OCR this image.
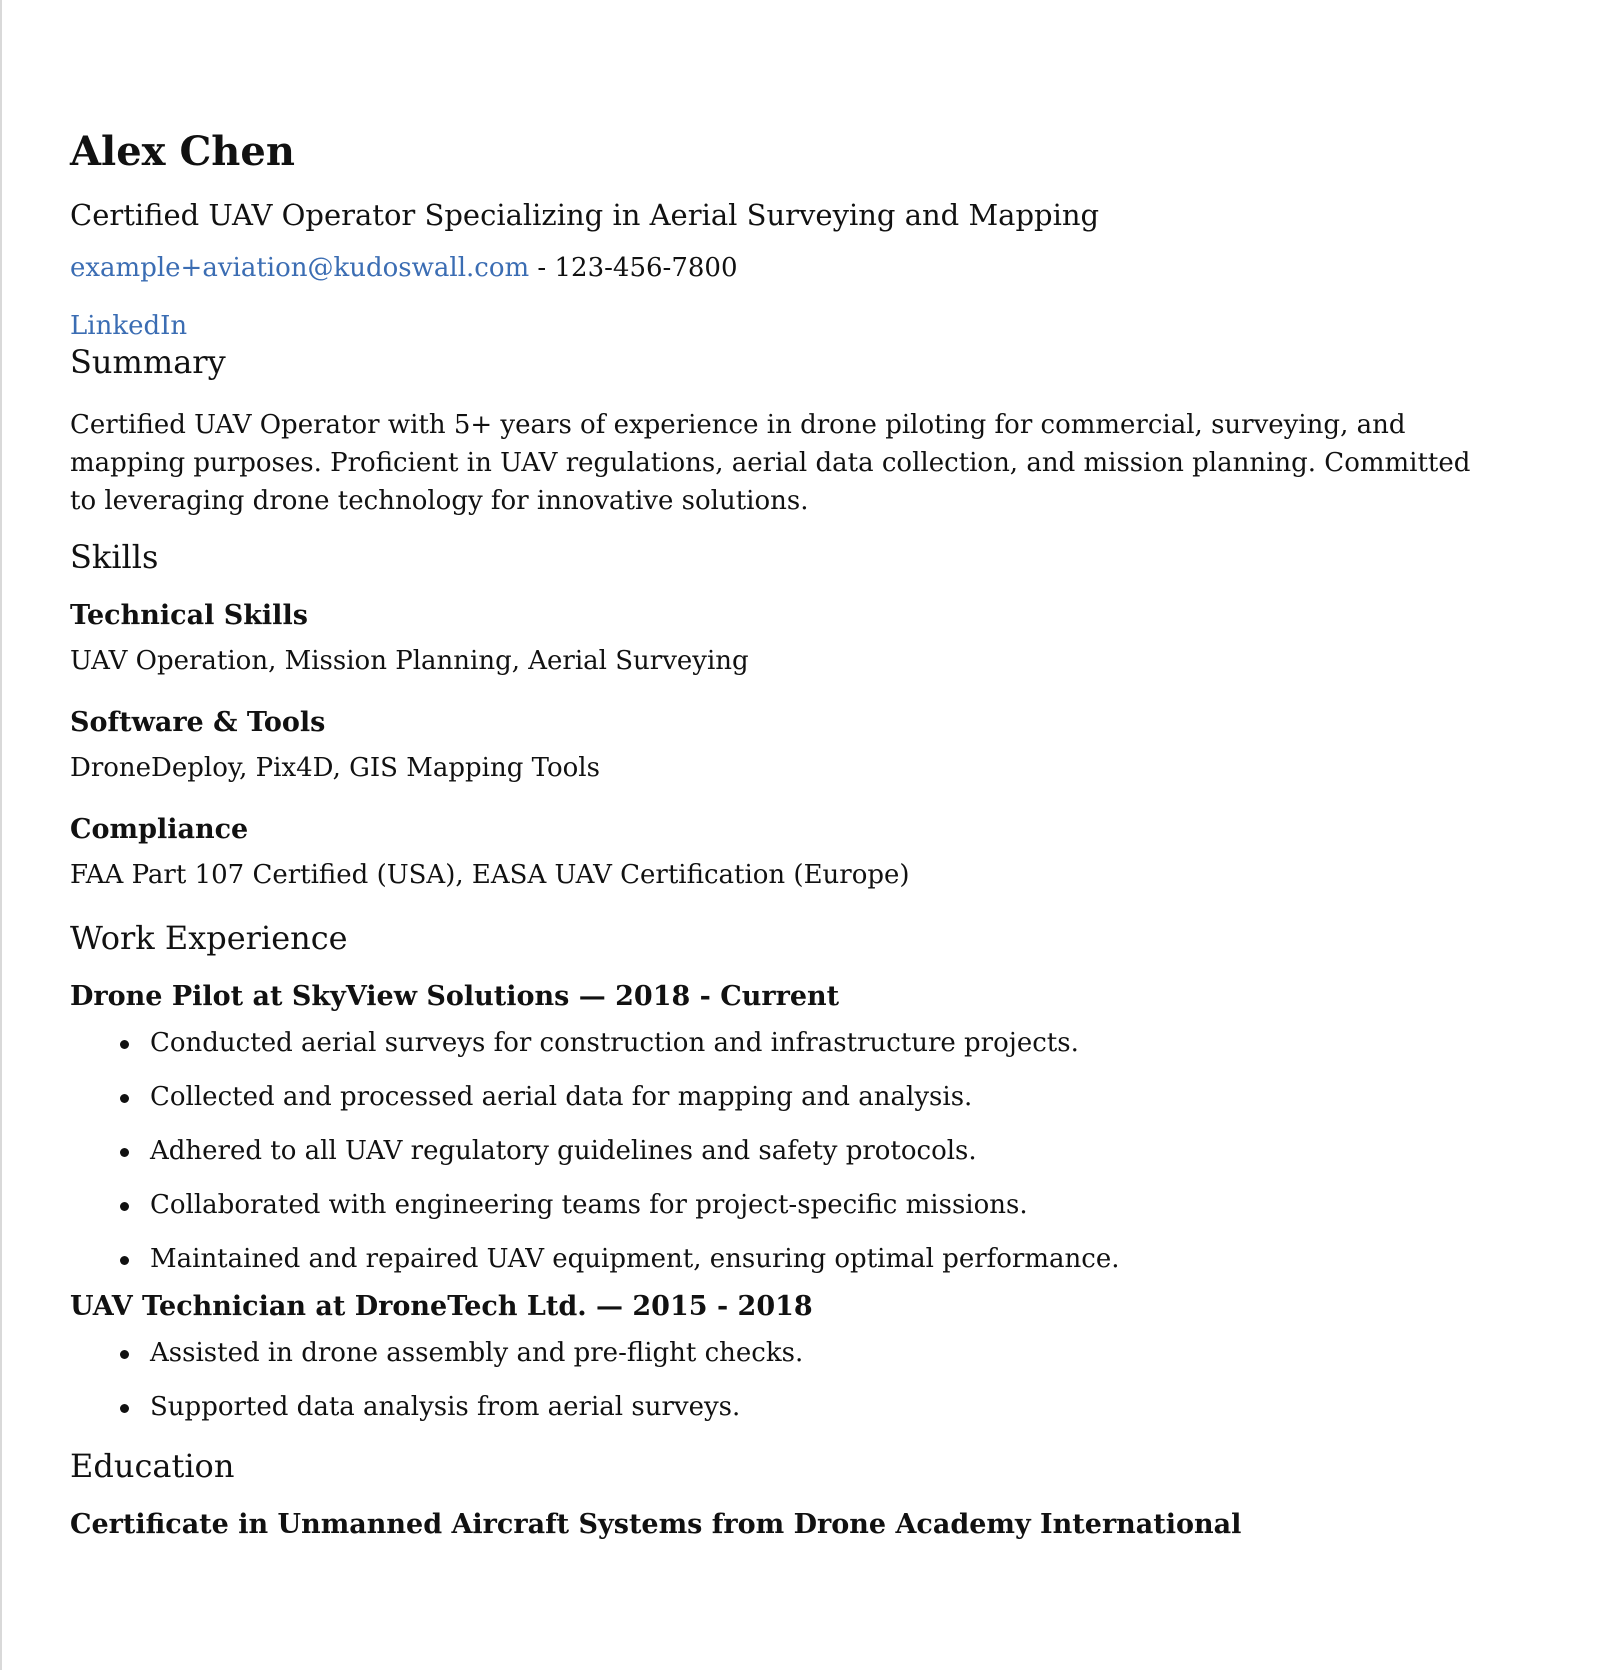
Alex Chen
Certified UAV Operator Specializing in Aerial Surveying and Mapping
example+aviation@kudoswall.com - 123-456-7800
LinkedIn
Summary

Certified UAV Operator with 5+ years of experience in drone piloting for commercial, surveying, and mapping purposes. Proficient in UAV regulations, aerial data collection, and mission planning. Committed to leveraging drone technology for innovative solutions.

Skills
Technical Skills
UAV Operation, Mission Planning, Aerial Surveying
Software & Tools
DroneDeploy, Pix4D, GIS Mapping Tools
Compliance
FAA Part 107 Certified (USA), EASA UAV Certification (Europe)
Work Experience
Drone Pilot at SkyView Solutions — 2018 - Current
Conducted aerial surveys for construction and infrastructure projects.
Collected and processed aerial data for mapping and analysis.
Adhered to all UAV regulatory guidelines and safety protocols.
Collaborated with engineering teams for project-specific missions.
Maintained and repaired UAV equipment, ensuring optimal performance.
UAV Technician at DroneTech Ltd. — 2015 - 2018
Assisted in drone assembly and pre-flight checks.
Supported data analysis from aerial surveys.
Education
Certificate in Unmanned Aircraft Systems from Drone Academy International
